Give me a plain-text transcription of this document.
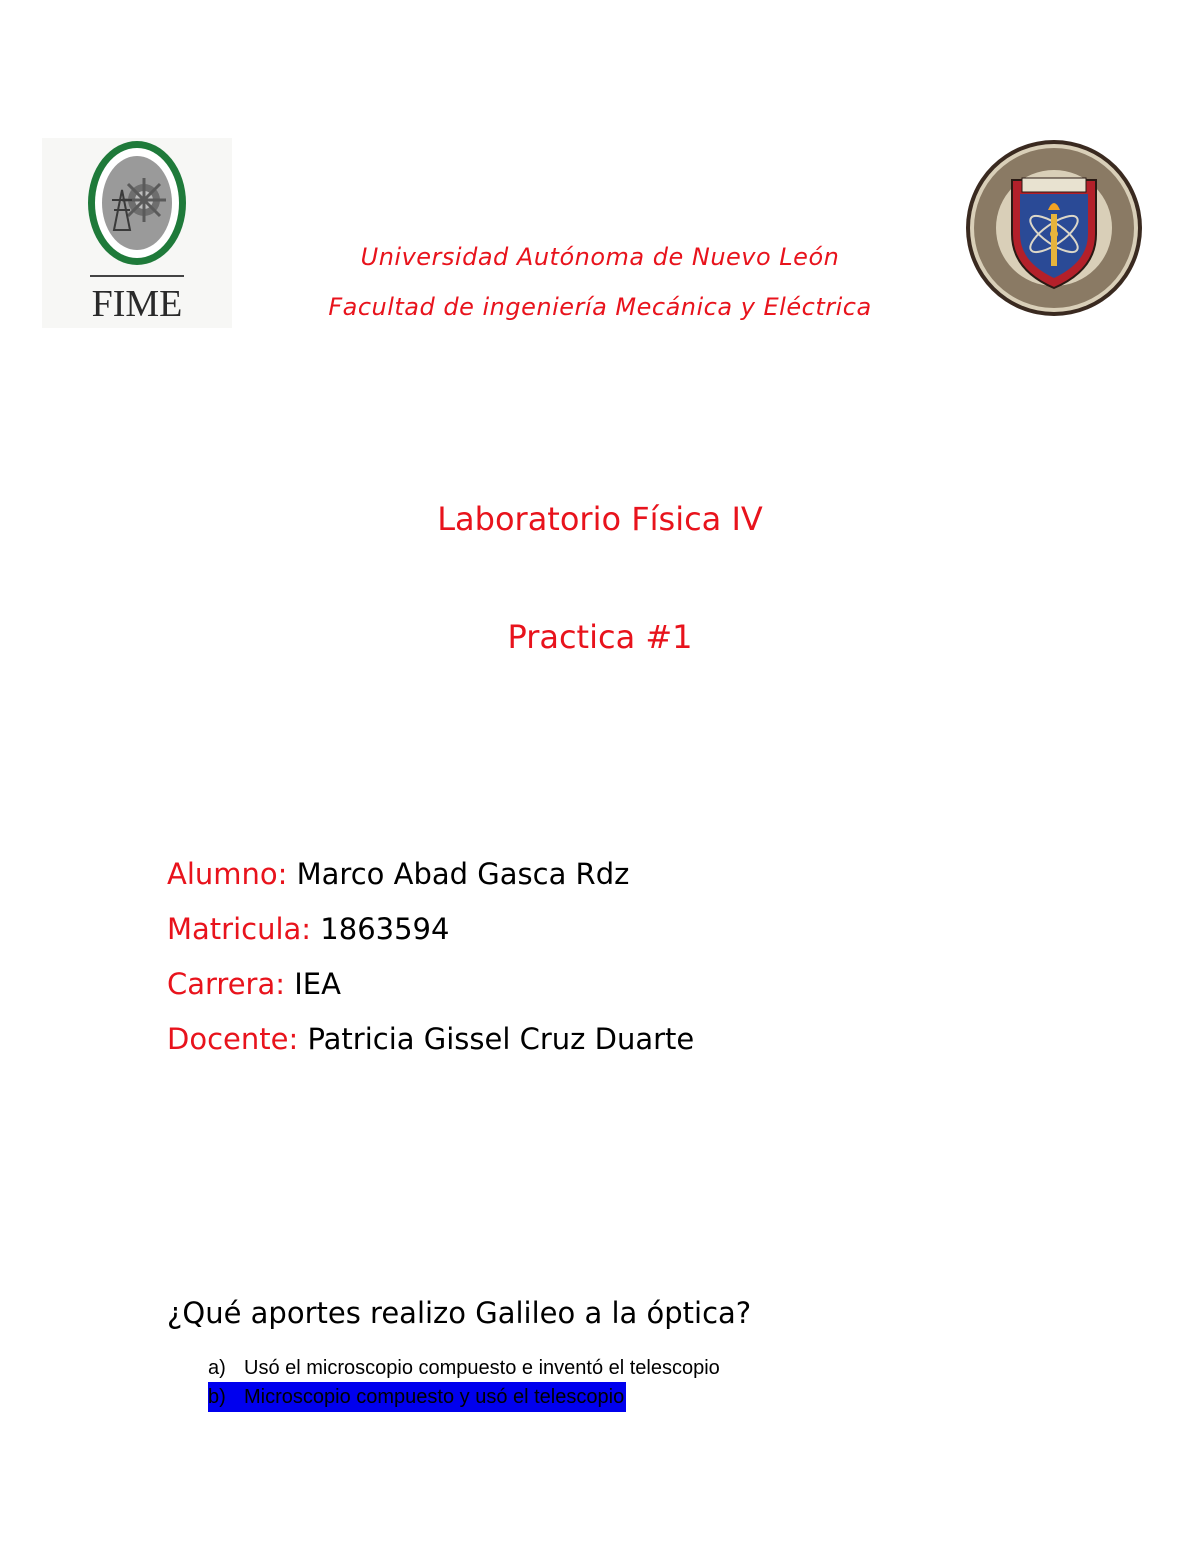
FIME
Universidad Autónoma de Nuevo León
Facultad de ingeniería Mecánica y Eléctrica
Laboratorio Física IV
Practica #1
Alumno: Marco Abad Gasca Rdz
Matricula: 1863594
Carrera: IEA
Docente: Patricia Gissel Cruz Duarte
¿Qué aportes realizo Galileo a la óptica?
a) Usó el microscopio compuesto e inventó el telescopio
b) Microscopio compuesto y usó el telescopio
